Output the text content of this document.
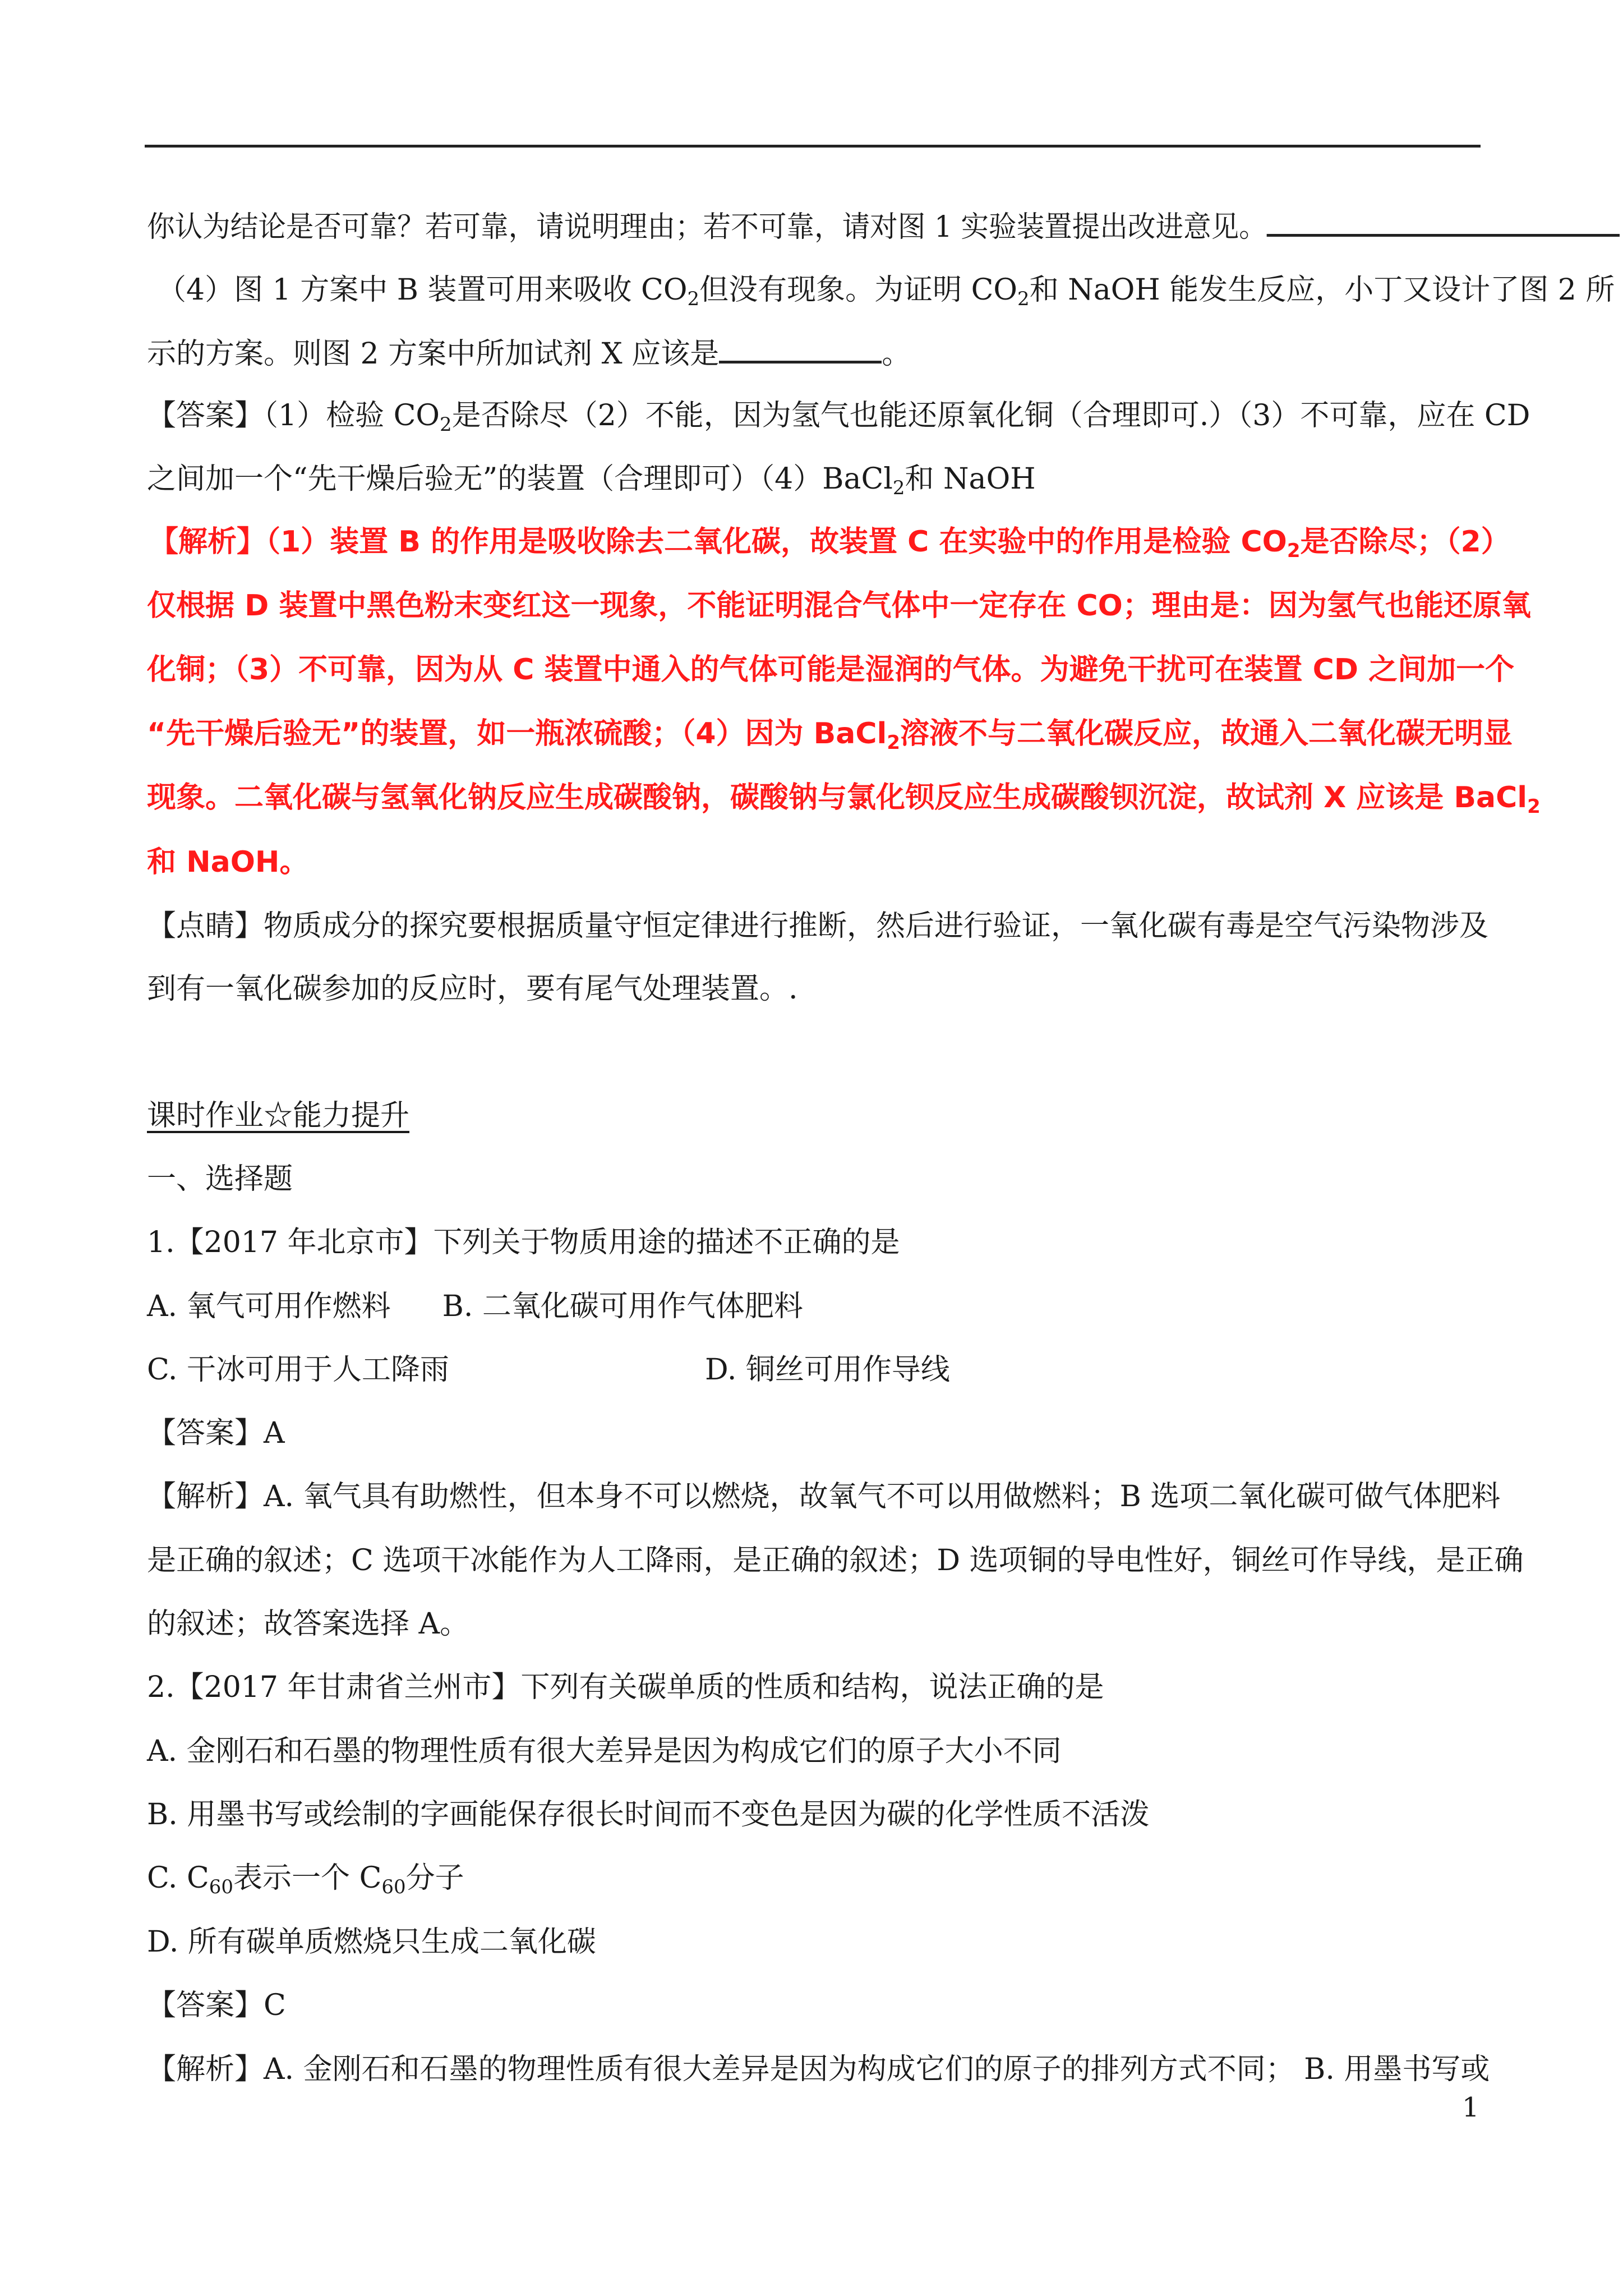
你认为结论是否可靠？若可靠，请说明理由；若不可靠，请对图 1 实验装置提出改进意见。
（4）图 1 方案中 B 装置可用来吸收 $CO_2$但没有现象。为证明 $CO_2$和 NaOH 能发生反应，小丁又设计了图 2 所
示的方案。则图 2 方案中所加试剂 X 应该是	。
【答案】（1）检验 $CO_2$是否除尽（2）不能，因为氢气也能还原氧化铜（合理即可.）（3）不可靠，应在 CD
之间加一个“先干燥后验无”的装置（合理即可）（4）BaCl$_2$和 NaOH
【解析】（1）装置 B 的作用是吸收除去二氧化碳，故装置 C 在实验中的作用是检验 $CO_2$是否除尽；（2）
仅根据 D 装置中黑色粉末变红这一现象，不能证明混合气体中一定存在 CO；理由是：因为氢气也能还原氧
化铜；（3）不可靠，因为从 C 装置中通入的气体可能是湿润的气体。为避免干扰可在装置 CD 之间加一个
“先干燥后验无”的装置，如一瓶浓硫酸；（4）因为 BaCl$_2$溶液不与二氧化碳反应，故通入二氧化碳无明显
现象。二氧化碳与氢氧化钠反应生成碳酸钠，碳酸钠与氯化钡反应生成碳酸钡沉淀，故试剂 X 应该是 BaCl$_2$
和 NaOH。
【点睛】物质成分的探究要根据质量守恒定律进行推断，然后进行验证，一氧化碳有毒是空气污染物涉及
到有一氧化碳参加的反应时，要有尾气处理装置。.
课时作业☆能力提升
一、选择题
1.【2017 年北京市】下列关于物质用途的描述不正确的是
A. 氧气可用作燃料 B. 二氧化碳可用作气体肥料
C. 干冰可用于人工降雨	D. 铜丝可用作导线
【答案】A
【解析】A. 氧气具有助燃性，但本身不可以燃烧，故氧气不可以用做燃料；B 选项二氧化碳可做气体肥料
是正确的叙述；C 选项干冰能作为人工降雨，是正确的叙述；D 选项铜的导电性好，铜丝可作导线，是正确
的叙述；故答案选择 A。
2.【2017 年甘肃省兰州市】下列有关碳单质的性质和结构，说法正确的是
A. 金刚石和石墨的物理性质有很大差异是因为构成它们的原子大小不同
B. 用墨书写或绘制的字画能保存很长时间而不变色是因为碳的化学性质不活泼
C. $C_{60}$表示一个 $C_{60}$分子
D. 所有碳单质燃烧只生成二氧化碳
【答案】C
【解析】A. 金刚石和石墨的物理性质有很大差异是因为构成它们的原子的排列方式不同； B. 用墨书写或
1
